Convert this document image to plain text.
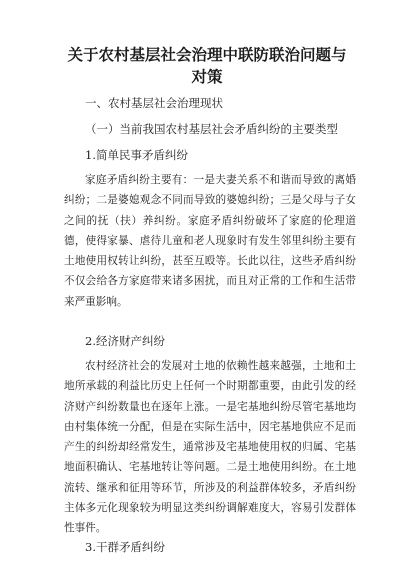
关于农村基层社会治理中联防联治问题与对策

一、农村基层社会治理现状

（一）当前我国农村基层社会矛盾纠纷的主要类型

1.简单民事矛盾纠纷

家庭矛盾纠纷主要有：一是夫妻关系不和谐而导致的离婚纠纷；二是婆媳观念不同而导致的婆媳纠纷；三是父母与子女之间的抚（扶）养纠纷。家庭矛盾纠纷破坏了家庭的伦理道德，使得家暴、虐待儿童和老人现象时有发生邻里纠纷主要有土地使用权转让纠纷，甚至互殴等。长此以往，这些矛盾纠纷不仅会给各方家庭带来诸多困扰，而且对正常的工作和生活带来严重影响。

2.经济财产纠纷

农村经济社会的发展对土地的依赖性越来越强，土地和土地所承载的利益比历史上任何一个时期都重要，由此引发的经济财产纠纷数量也在逐年上涨。一是宅基地纠纷尽管宅基地均由村集体统一分配，但是在实际生活中，因宅基地供应不足而产生的纠纷却经常发生，通常涉及宅基地使用权的归属、宅基地面积确认、宅基地转让等问题。二是土地使用纠纷。在土地流转、继承和征用等环节，所涉及的利益群体较多，矛盾纠纷主体多元化现象较为明显这类纠纷调解难度大，容易引发群体性事件。

3.干群矛盾纠纷
